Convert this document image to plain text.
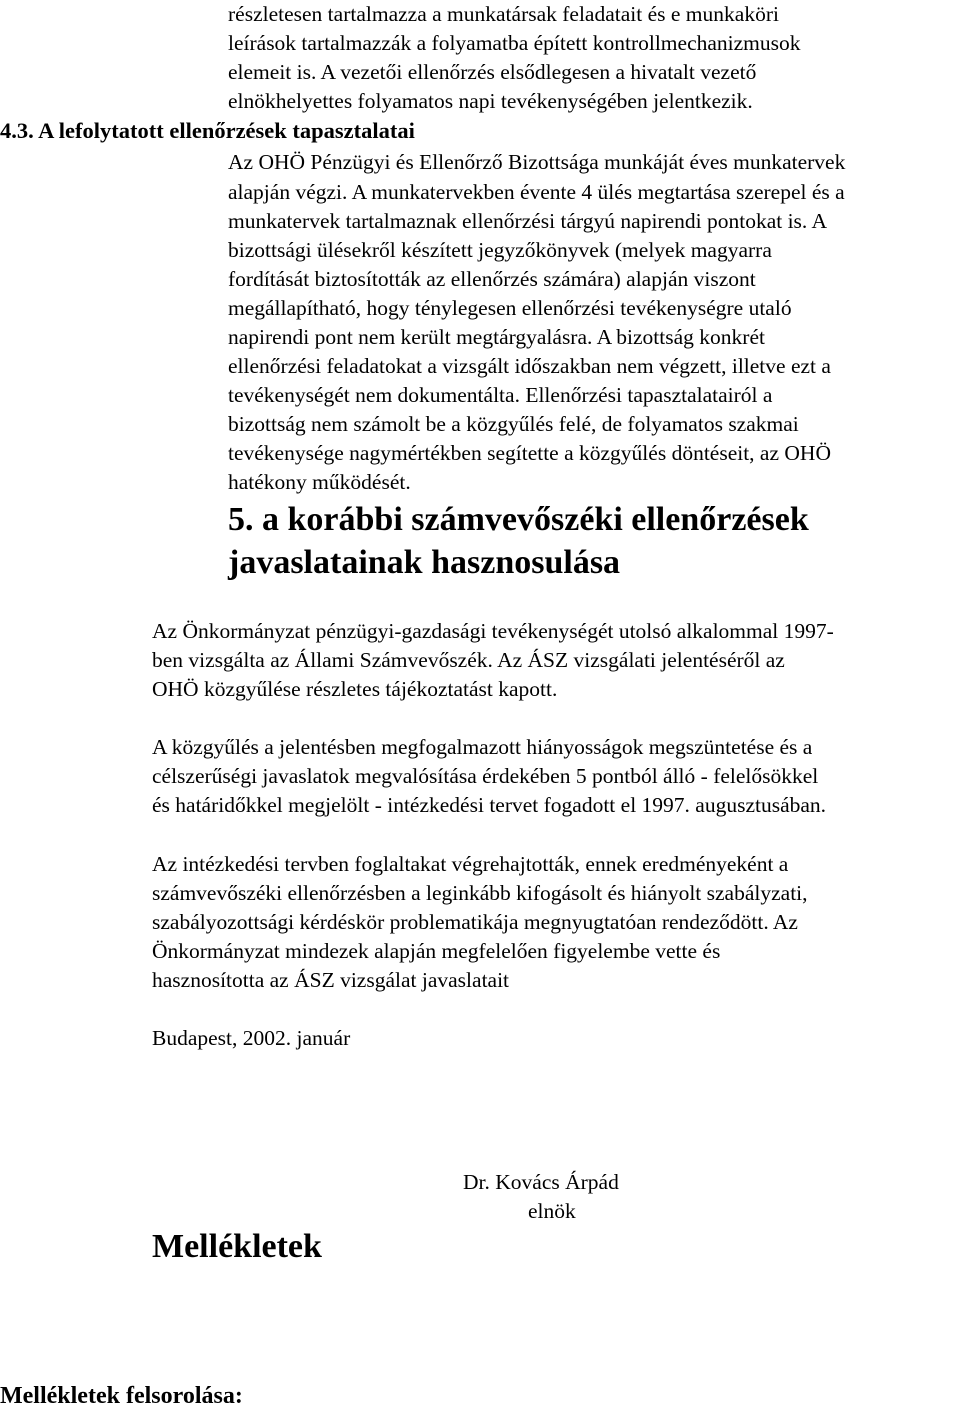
részletesen tartalmazza a munkatársak feladatait és e munkaköri
leírások tartalmazzák a folyamatba épített kontrollmechanizmusok
elemeit is. A vezetői ellenőrzés elsődlegesen a hivatalt vezető
elnökhelyettes folyamatos napi tevékenységében jelentkezik.
4.3. A lefolytatott ellenőrzések tapasztalatai
Az OHÖ Pénzügyi és Ellenőrző Bizottsága munkáját éves munkatervek
alapján végzi. A munkatervekben évente 4 ülés megtartása szerepel és a
munkatervek tartalmaznak ellenőrzési tárgyú napirendi pontokat is. A
bizottsági ülésekről készített jegyzőkönyvek (melyek magyarra
fordítását biztosították az ellenőrzés számára) alapján viszont
megállapítható, hogy ténylegesen ellenőrzési tevékenységre utaló
napirendi pont nem került megtárgyalásra. A bizottság konkrét
ellenőrzési feladatokat a vizsgált időszakban nem végzett, illetve ezt a
tevékenységét nem dokumentálta. Ellenőrzési tapasztalatairól a
bizottság nem számolt be a közgyűlés felé, de folyamatos szakmai
tevékenysége nagymértékben segítette a közgyűlés döntéseit, az OHÖ
hatékony működését.
5. a korábbi számvevőszéki ellenőrzések
javaslatainak hasznosulása
Az Önkormányzat pénzügyi-gazdasági tevékenységét utolsó alkalommal 1997-
ben vizsgálta az Állami Számvevőszék. Az ÁSZ vizsgálati jelentéséről az
OHÖ közgyűlése részletes tájékoztatást kapott.
A közgyűlés a jelentésben megfogalmazott hiányosságok megszüntetése és a
célszerűségi javaslatok megvalósítása érdekében 5 pontból álló - felelősökkel
és határidőkkel megjelölt - intézkedési tervet fogadott el 1997. augusztusában.
Az intézkedési tervben foglaltakat végrehajtották, ennek eredményeként a
számvevőszéki ellenőrzésben a leginkább kifogásolt és hiányolt szabályzati,
szabályozottsági kérdéskör problematikája megnyugtatóan rendeződött. Az
Önkormányzat mindezek alapján megfelelően figyelembe vette és
hasznosította az ÁSZ vizsgálat javaslatait
Budapest, 2002. január
Dr. Kovács Árpád
elnök
Mellékletek
Mellékletek felsorolása:
